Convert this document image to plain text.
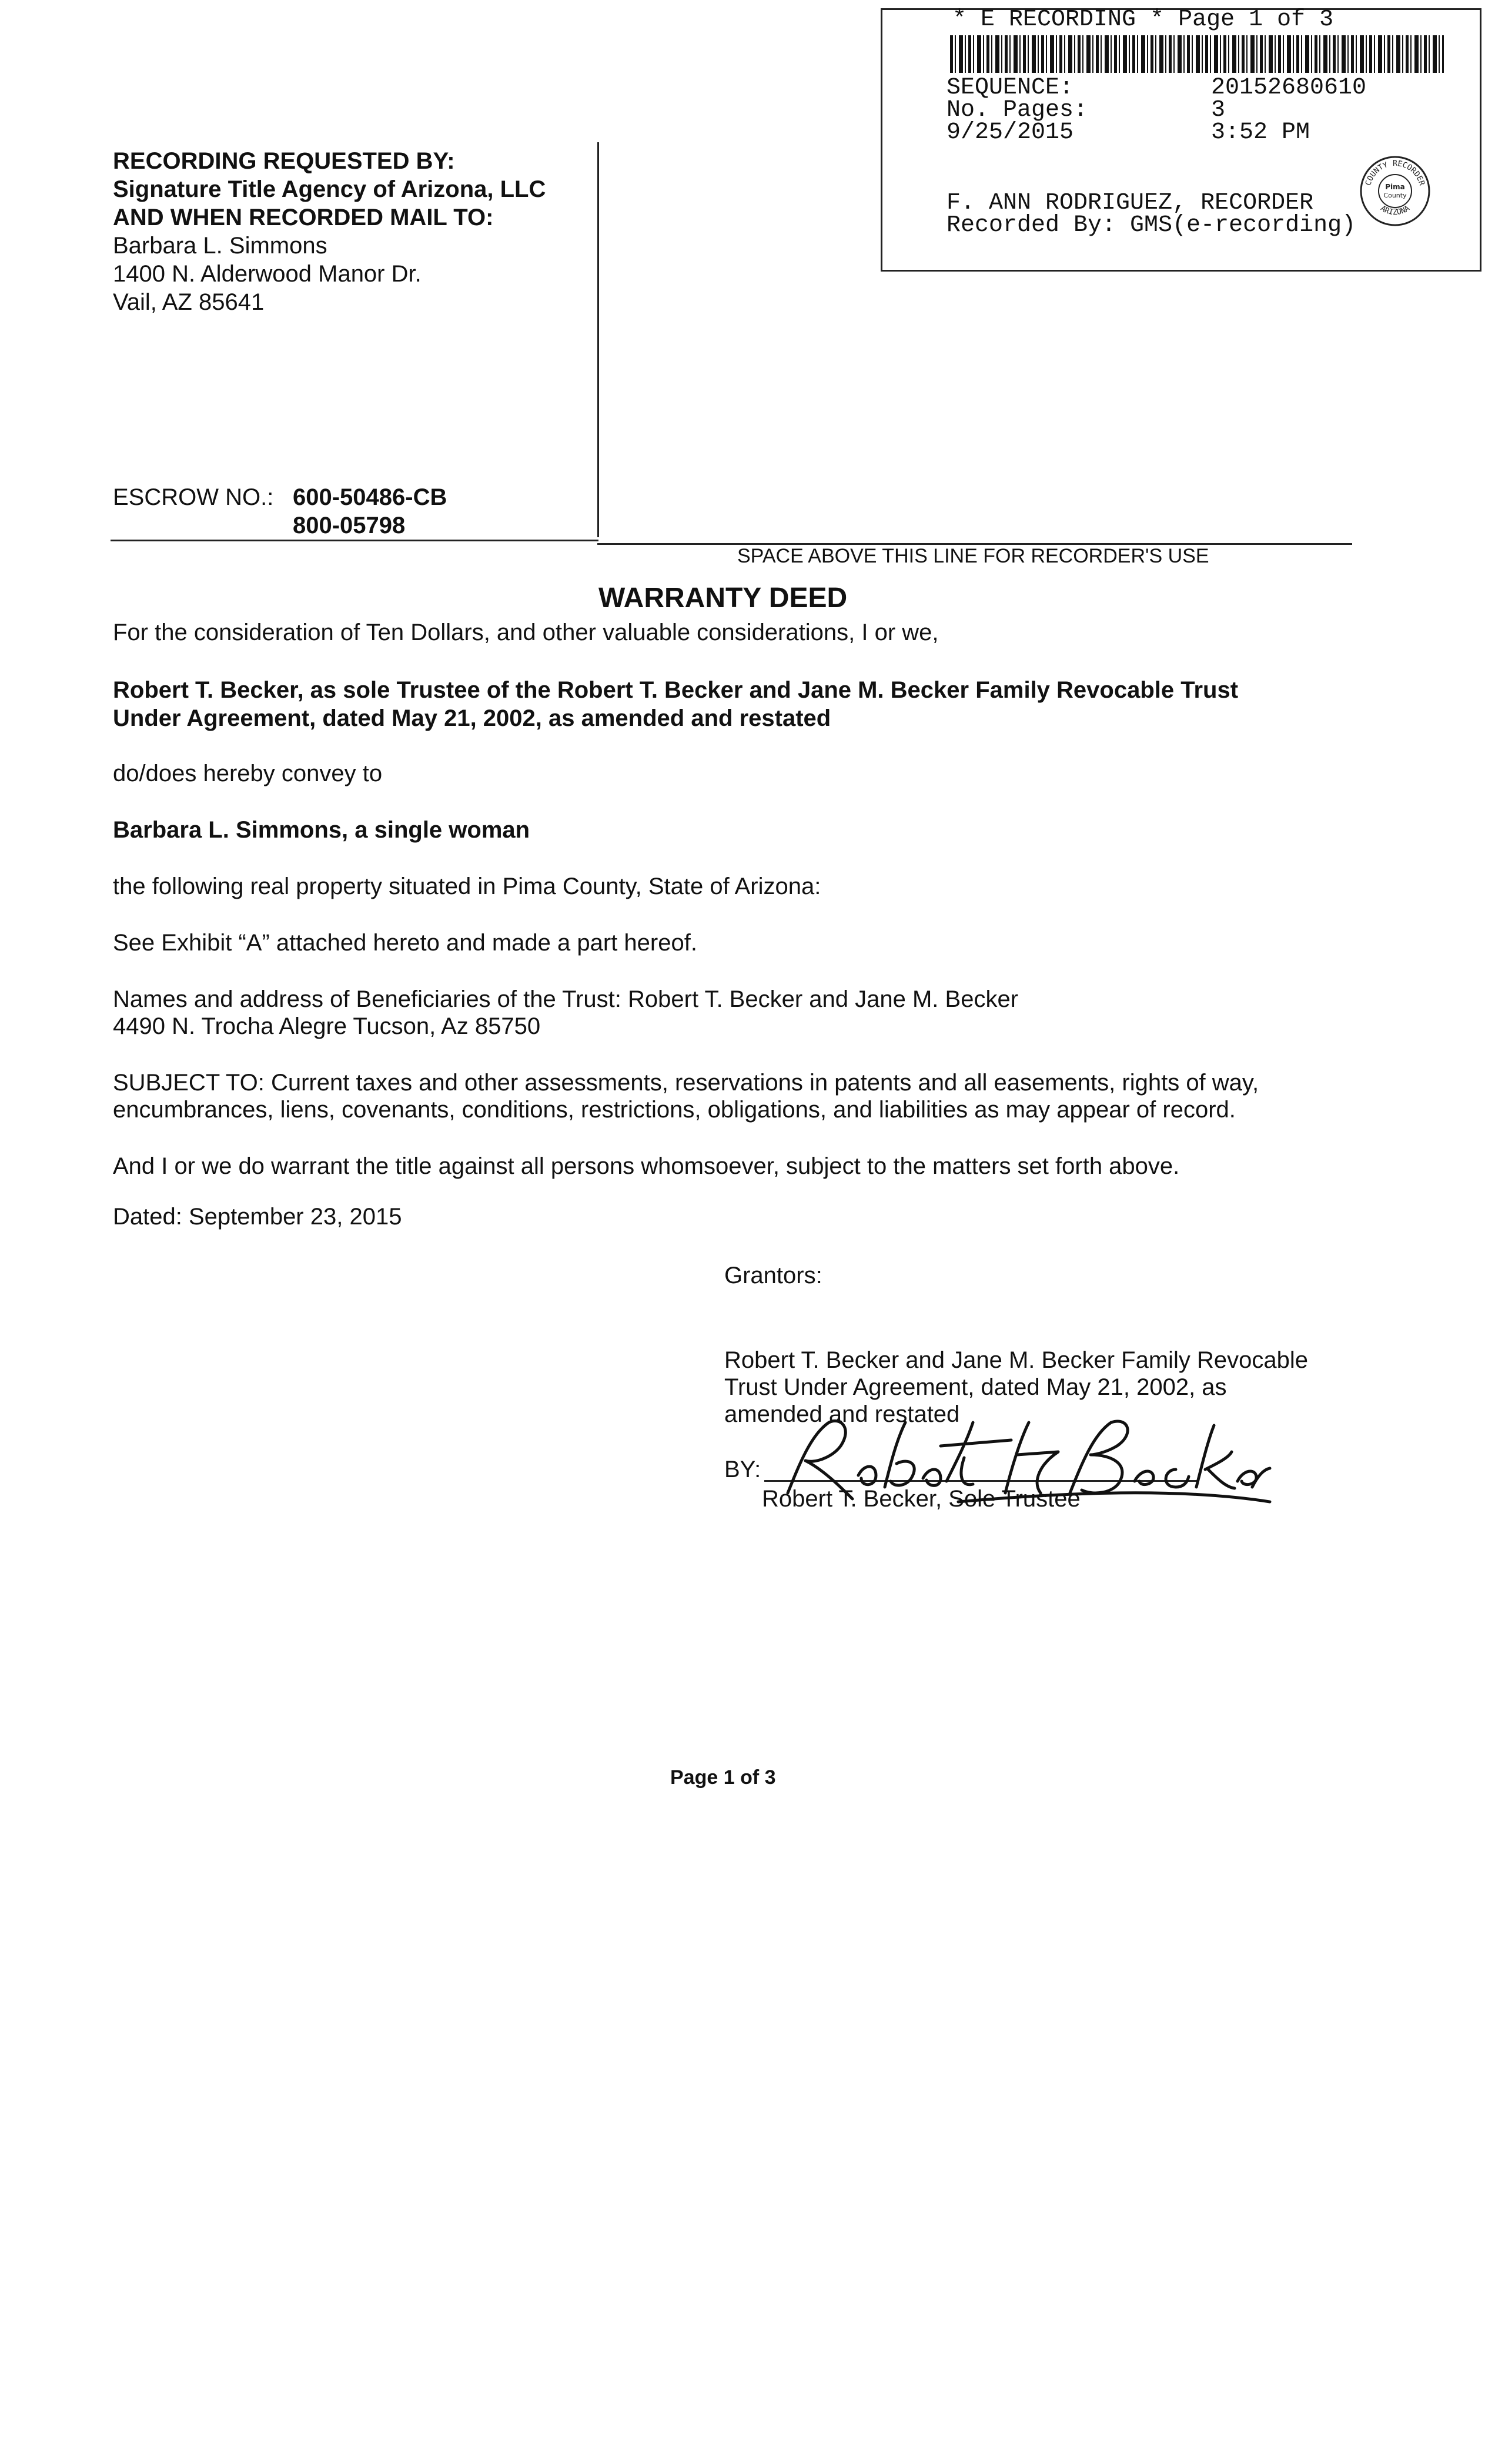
* E RECORDING * Page 1 of 3
SEQUENCE:	20152680610
No. Pages:	3
9/25/2015	3:52 PM
F. ANN RODRIGUEZ, RECORDER
Recorded By: GMS(e-recording)
COUNTY RECORDER
Pima
County
ARIZONA
RECORDING REQUESTED BY:
Signature Title Agency of Arizona, LLC
AND WHEN RECORDED MAIL TO:
Barbara L. Simmons
1400 N. Alderwood Manor Dr.
Vail, AZ 85641
ESCROW NO.: 600-50486-CB
800-05798
SPACE ABOVE THIS LINE FOR RECORDER'S USE
WARRANTY DEED
For the consideration of Ten Dollars, and other valuable considerations, I or we,
Robert T. Becker, as sole Trustee of the Robert T. Becker and Jane M. Becker Family Revocable Trust
Under Agreement, dated May 21, 2002, as amended and restated
do/does hereby convey to
Barbara L. Simmons, a single woman
the following real property situated in Pima County, State of Arizona:
See Exhibit “A” attached hereto and made a part hereof.
Names and address of Beneficiaries of the Trust: Robert T. Becker and Jane M. Becker
4490 N. Trocha Alegre Tucson, Az 85750
SUBJECT TO: Current taxes and other assessments, reservations in patents and all easements, rights of way,
encumbrances, liens, covenants, conditions, restrictions, obligations, and liabilities as may appear of record.
And I or we do warrant the title against all persons whomsoever, subject to the matters set forth above.
Dated: September 23, 2015
Grantors:
Robert T. Becker and Jane M. Becker Family Revocable
Trust Under Agreement, dated May 21, 2002, as
amended and restated
BY:
Robert T. Becker, Sole Trustee
Page 1 of 3
